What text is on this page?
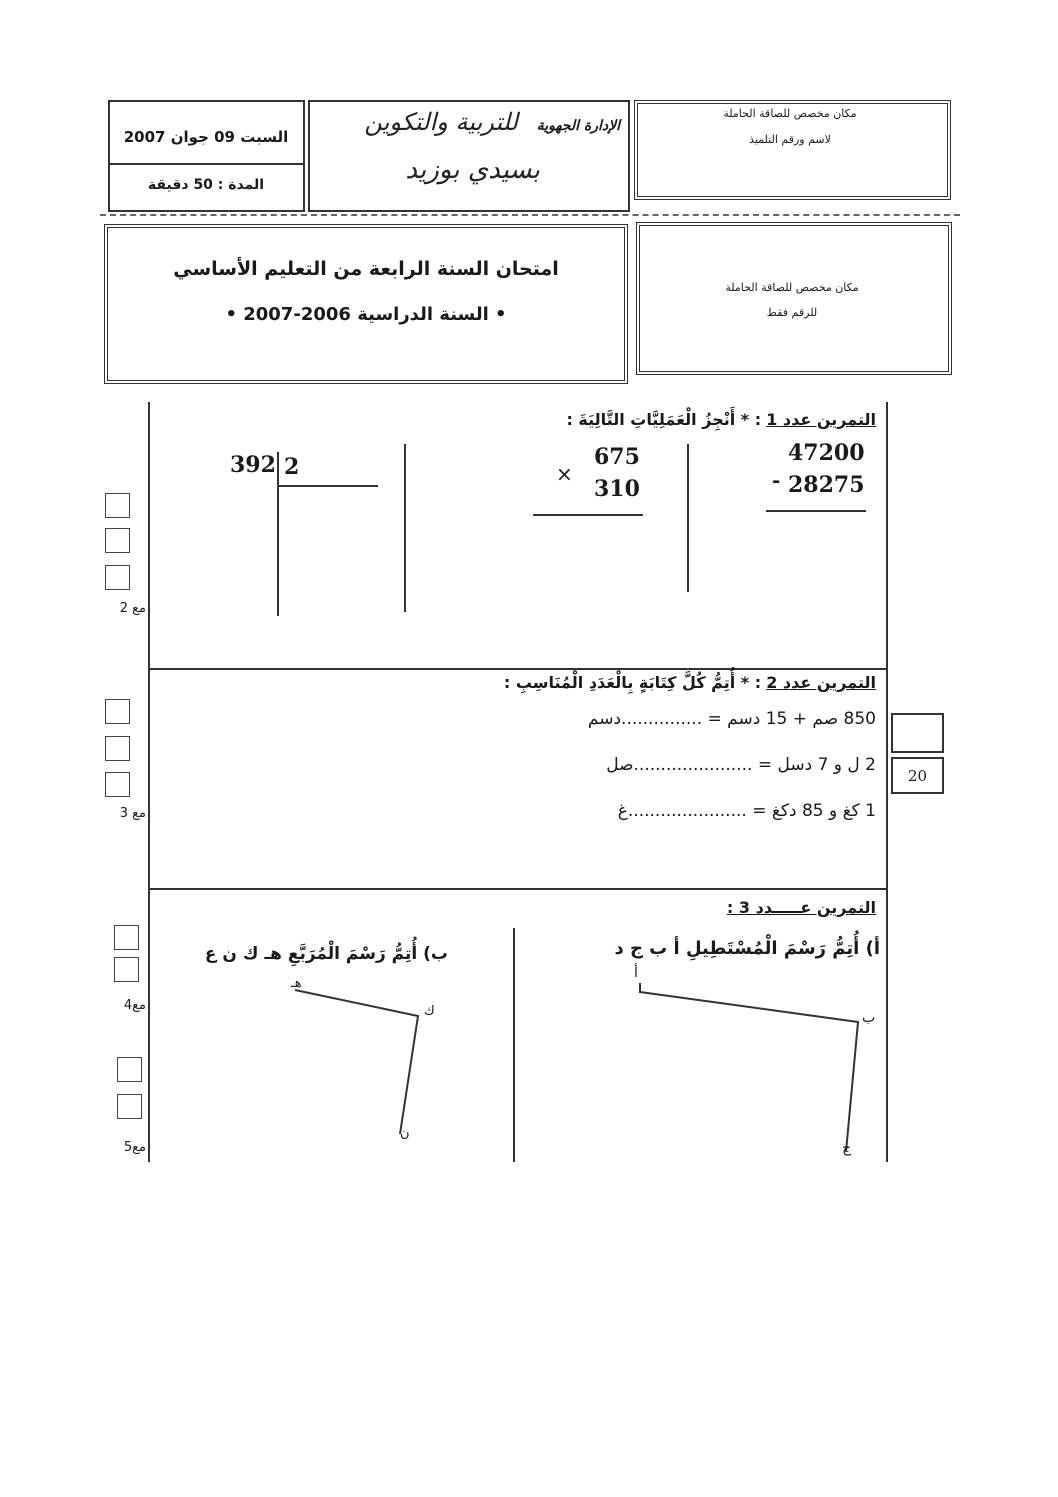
السبت 09 جوان 2007
المدة : 50 دقيقة
الإدارة الجهوية
للتربية والتكوين
بسيدي بوزيد
مكان مخصص للصاقة الحاملة
لاسم ورقم التلميذ
امتحان السنة الرابعة من التعليم الأساسي
• السنة الدراسية 2006-2007 •
مكان مخصص للصاقة الحاملة
للرقم فقط
التمرين عدد 1 : * أَنْجِزُ الْعَمَلِيَّاتِ التَّالِيَةَ :
47200
- 28275
675
×
310
392 2
مع 2
التمرين عدد 2 : * أُتِمُّ كُلَّ كِتَابَةٍ بِالْعَدَدِ الْمُنَاسِبِ :
850 صم + 15 دسم = ...............دسم
2 ل و 7 دسل = ......................صل
1 كغ و 85 دكغ = ......................غ
مع 3
20
التمرين عـــــدد 3 :
أ) أُتِمُّ رَسْمَ الْمُسْتَطِيلِ أ ب ج د
ب) أُتِمُّ رَسْمَ الْمُرَبَّعِ هـ ك ن ع
أ
ب
ج
هـ
ك
ن
مع4
مع5
